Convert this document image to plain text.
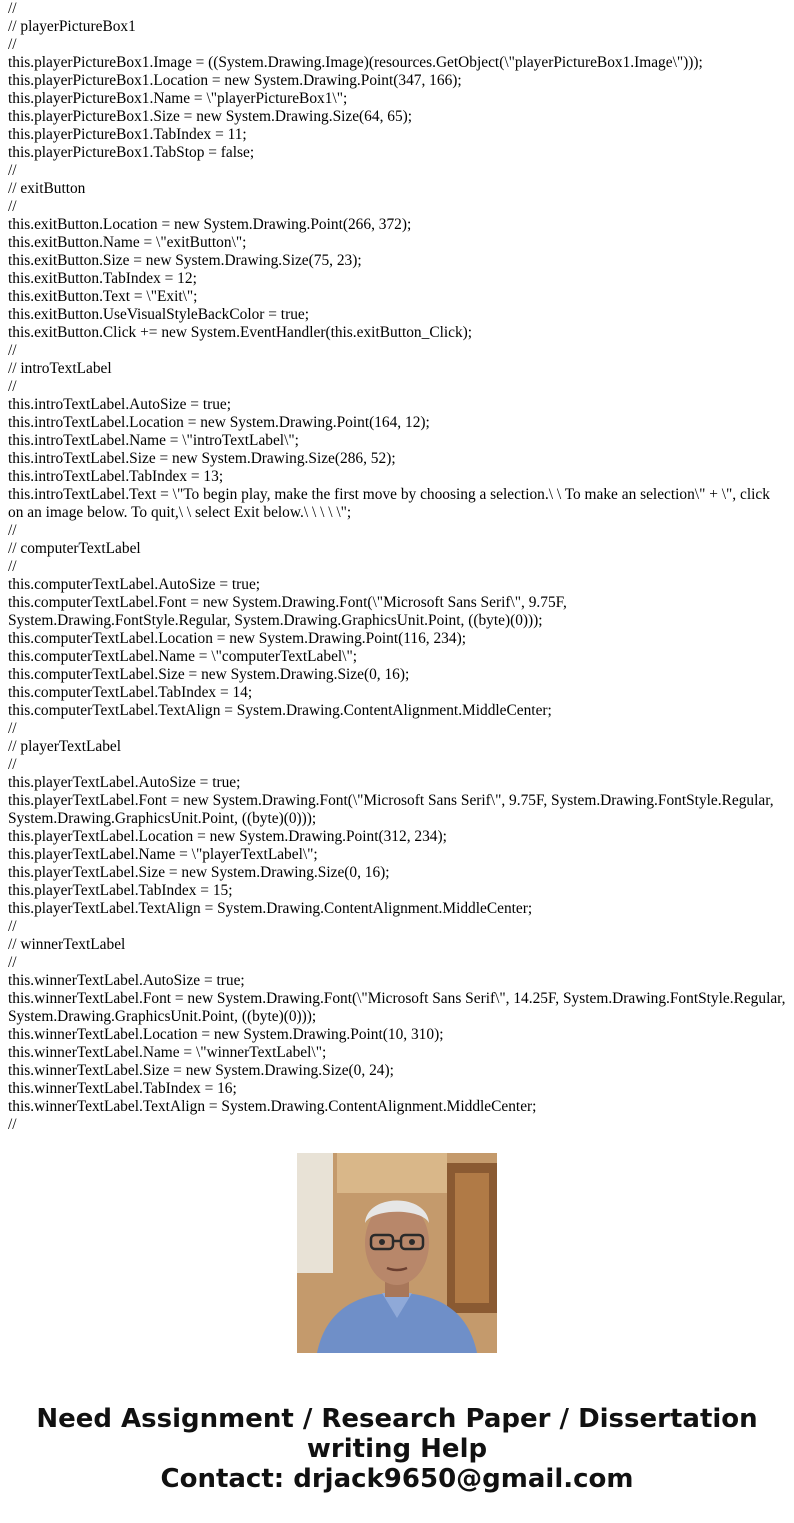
//
// playerPictureBox1
//
this.playerPictureBox1.Image = ((System.Drawing.Image)(resources.GetObject(\"playerPictureBox1.Image\")));
this.playerPictureBox1.Location = new System.Drawing.Point(347, 166);
this.playerPictureBox1.Name = \"playerPictureBox1\";
this.playerPictureBox1.Size = new System.Drawing.Size(64, 65);
this.playerPictureBox1.TabIndex = 11;
this.playerPictureBox1.TabStop = false;
//
// exitButton
//
this.exitButton.Location = new System.Drawing.Point(266, 372);
this.exitButton.Name = \"exitButton\";
this.exitButton.Size = new System.Drawing.Size(75, 23);
this.exitButton.TabIndex = 12;
this.exitButton.Text = \"Exit\";
this.exitButton.UseVisualStyleBackColor = true;
this.exitButton.Click += new System.EventHandler(this.exitButton_Click);
//
// introTextLabel
//
this.introTextLabel.AutoSize = true;
this.introTextLabel.Location = new System.Drawing.Point(164, 12);
this.introTextLabel.Name = \"introTextLabel\";
this.introTextLabel.Size = new System.Drawing.Size(286, 52);
this.introTextLabel.TabIndex = 13;
this.introTextLabel.Text = \"To begin play, make the first move by choosing a selection.\ \ To make an selection\" + \", click on an image below. To quit,\ \ select Exit below.\ \ \ \ \";
//
// computerTextLabel
//
this.computerTextLabel.AutoSize = true;
this.computerTextLabel.Font = new System.Drawing.Font(\"Microsoft Sans Serif\", 9.75F, System.Drawing.FontStyle.Regular, System.Drawing.GraphicsUnit.Point, ((byte)(0)));
this.computerTextLabel.Location = new System.Drawing.Point(116, 234);
this.computerTextLabel.Name = \"computerTextLabel\";
this.computerTextLabel.Size = new System.Drawing.Size(0, 16);
this.computerTextLabel.TabIndex = 14;
this.computerTextLabel.TextAlign = System.Drawing.ContentAlignment.MiddleCenter;
//
// playerTextLabel
//
this.playerTextLabel.AutoSize = true;
this.playerTextLabel.Font = new System.Drawing.Font(\"Microsoft Sans Serif\", 9.75F, System.Drawing.FontStyle.Regular, System.Drawing.GraphicsUnit.Point, ((byte)(0)));
this.playerTextLabel.Location = new System.Drawing.Point(312, 234);
this.playerTextLabel.Name = \"playerTextLabel\";
this.playerTextLabel.Size = new System.Drawing.Size(0, 16);
this.playerTextLabel.TabIndex = 15;
this.playerTextLabel.TextAlign = System.Drawing.ContentAlignment.MiddleCenter;
//
// winnerTextLabel
//
this.winnerTextLabel.AutoSize = true;
this.winnerTextLabel.Font = new System.Drawing.Font(\"Microsoft Sans Serif\", 14.25F, System.Drawing.FontStyle.Regular, System.Drawing.GraphicsUnit.Point, ((byte)(0)));
this.winnerTextLabel.Location = new System.Drawing.Point(10, 310);
this.winnerTextLabel.Name = \"winnerTextLabel\";
this.winnerTextLabel.Size = new System.Drawing.Size(0, 24);
this.winnerTextLabel.TabIndex = 16;
this.winnerTextLabel.TextAlign = System.Drawing.ContentAlignment.MiddleCenter;
//
Need Assignment / Research Paper / Dissertation
writing Help
Contact: drjack9650@gmail.com
